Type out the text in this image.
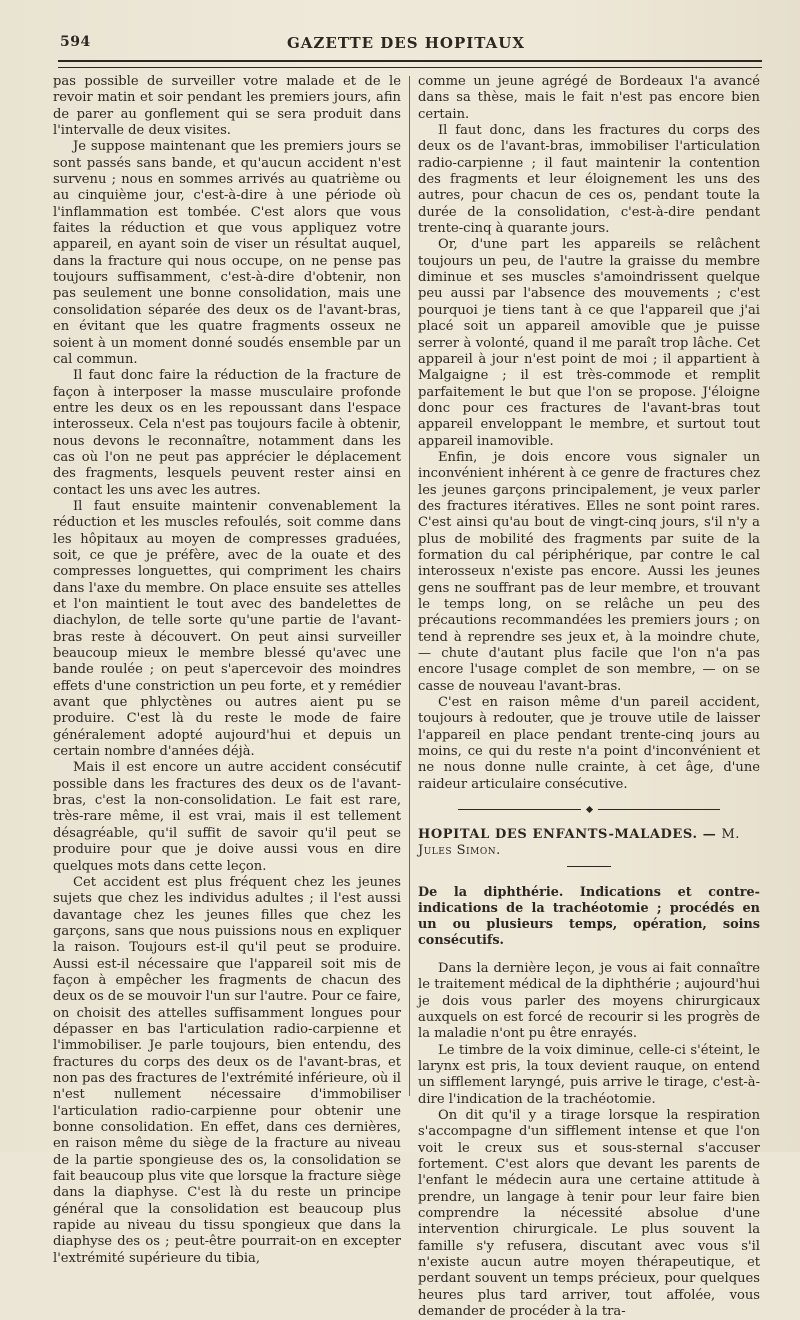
594	GAZETTE DES HOPITAUX

pas possible de surveiller votre malade et de le revoir matin et soir pendant les premiers jours, afin de parer au gonflement qui se sera produit dans l'intervalle de deux visites.

Je suppose maintenant que les premiers jours se sont passés sans bande, et qu'aucun accident n'est survenu ; nous en sommes arrivés au quatrième ou au cinquième jour, c'est-à-dire à une période où l'inflammation est tombée. C'est alors que vous faites la réduction et que vous appliquez votre appareil, en ayant soin de viser un résultat auquel, dans la fracture qui nous occupe, on ne pense pas toujours suffisamment, c'est-à-dire d'obtenir, non pas seulement une bonne consolidation, mais une consolidation séparée des deux os de l'avant-bras, en évitant que les quatre fragments osseux ne soient à un moment donné soudés ensemble par un cal commun.

Il faut donc faire la réduction de la fracture de façon à interposer la masse musculaire profonde entre les deux os en les repoussant dans l'espace interosseux. Cela n'est pas toujours facile à obtenir, nous devons le reconnaître, notamment dans les cas où l'on ne peut pas apprécier le déplacement des fragments, lesquels peuvent rester ainsi en contact les uns avec les autres.

Il faut ensuite maintenir convenablement la réduction et les muscles refoulés, soit comme dans les hôpitaux au moyen de compresses graduées, soit, ce que je préfère, avec de la ouate et des compresses longuettes, qui compriment les chairs dans l'axe du membre. On place ensuite ses attelles et l'on maintient le tout avec des bandelettes de diachylon, de telle sorte qu'une partie de l'avant-bras reste à découvert. On peut ainsi surveiller beaucoup mieux le membre blessé qu'avec une bande roulée ; on peut s'apercevoir des moindres effets d'une constriction un peu forte, et y remédier avant que phlyctènes ou autres aient pu se produire. C'est là du reste le mode de faire généralement adopté aujourd'hui et depuis un certain nombre d'années déjà.

Mais il est encore un autre accident consécutif possible dans les fractures des deux os de l'avant-bras, c'est la non-consolidation. Le fait est rare, très-rare même, il est vrai, mais il est tellement désagréable, qu'il suffit de savoir qu'il peut se produire pour que je doive aussi vous en dire quelques mots dans cette leçon.

Cet accident est plus fréquent chez les jeunes sujets que chez les individus adultes ; il l'est aussi davantage chez les jeunes filles que chez les garçons, sans que nous puissions nous en expliquer la raison. Toujours est-il qu'il peut se produire. Aussi est-il nécessaire que l'appareil soit mis de façon à empêcher les fragments de chacun des deux os de se mouvoir l'un sur l'autre. Pour ce faire, on choisit des attelles suffisamment longues pour dépasser en bas l'articulation radio-carpienne et l'immobiliser. Je parle toujours, bien entendu, des fractures du corps des deux os de l'avant-bras, et non pas des fractures de l'extrémité inférieure, où il n'est nullement nécessaire d'immobiliser l'articulation radio-carpienne pour obtenir une bonne consolidation. En effet, dans ces dernières, en raison même du siège de la fracture au niveau de la partie spongieuse des os, la consolidation se fait beaucoup plus vite que lorsque la fracture siège dans la diaphyse. C'est là du reste un principe général que la consolidation est beaucoup plus rapide au niveau du tissu spongieux que dans la diaphyse des os ; peut-être pourrait-on en excepter l'extrémité supérieure du tibia,

comme un jeune agrégé de Bordeaux l'a avancé dans sa thèse, mais le fait n'est pas encore bien certain.

Il faut donc, dans les fractures du corps des deux os de l'avant-bras, immobiliser l'articulation radio-carpienne ; il faut maintenir la contention des fragments et leur éloignement les uns des autres, pour chacun de ces os, pendant toute la durée de la consolidation, c'est-à-dire pendant trente-cinq à quarante jours.

Or, d'une part les appareils se relâchent toujours un peu, de l'autre la graisse du membre diminue et ses muscles s'amoindrissent quelque peu aussi par l'absence des mouvements ; c'est pourquoi je tiens tant à ce que l'appareil que j'ai placé soit un appareil amovible que je puisse serrer à volonté, quand il me paraît trop lâche. Cet appareil à jour n'est point de moi ; il appartient à Malgaigne ; il est très-commode et remplit parfaitement le but que l'on se propose. J'éloigne donc pour ces fractures de l'avant-bras tout appareil enveloppant le membre, et surtout tout appareil inamovible.

Enfin, je dois encore vous signaler un inconvénient inhérent à ce genre de fractures chez les jeunes garçons principalement, je veux parler des fractures itératives. Elles ne sont point rares. C'est ainsi qu'au bout de vingt-cinq jours, s'il n'y a plus de mobilité des fragments par suite de la formation du cal périphérique, par contre le cal interosseux n'existe pas encore. Aussi les jeunes gens ne souffrant pas de leur membre, et trouvant le temps long, on se relâche un peu des précautions recommandées les premiers jours ; on tend à reprendre ses jeux et, à la moindre chute, — chute d'autant plus facile que l'on n'a pas encore l'usage complet de son membre, — on se casse de nouveau l'avant-bras.

C'est en raison même d'un pareil accident, toujours à redouter, que je trouve utile de laisser l'appareil en place pendant trente-cinq jours au moins, ce qui du reste n'a point d'inconvénient et ne nous donne nulle crainte, à cet âge, d'une raideur articulaire consécutive.

HOPITAL DES ENFANTS-MALADES. — M. Jules Simon.

De la diphthérie. Indications et contre-indications de la trachéotomie ; procédés en un ou plusieurs temps, opération, soins consécutifs.

Dans la dernière leçon, je vous ai fait connaître le traitement médical de la diphthérie ; aujourd'hui je dois vous parler des moyens chirurgicaux auxquels on est forcé de recourir si les progrès de la maladie n'ont pu être enrayés.

Le timbre de la voix diminue, celle-ci s'éteint, le larynx est pris, la toux devient rauque, on entend un sifflement laryngé, puis arrive le tirage, c'est-à-dire l'indication de la trachéotomie.

On dit qu'il y a tirage lorsque la respiration s'accompagne d'un sifflement intense et que l'on voit le creux sus et sous-sternal s'accuser fortement. C'est alors que devant les parents de l'enfant le médecin aura une certaine attitude à prendre, un langage à tenir pour leur faire bien comprendre la nécessité absolue d'une intervention chirurgicale. Le plus souvent la famille s'y refusera, discutant avec vous s'il n'existe aucun autre moyen thérapeutique, et perdant souvent un temps précieux, pour quelques heures plus tard arriver, tout affolée, vous demander de procéder à la tra-
